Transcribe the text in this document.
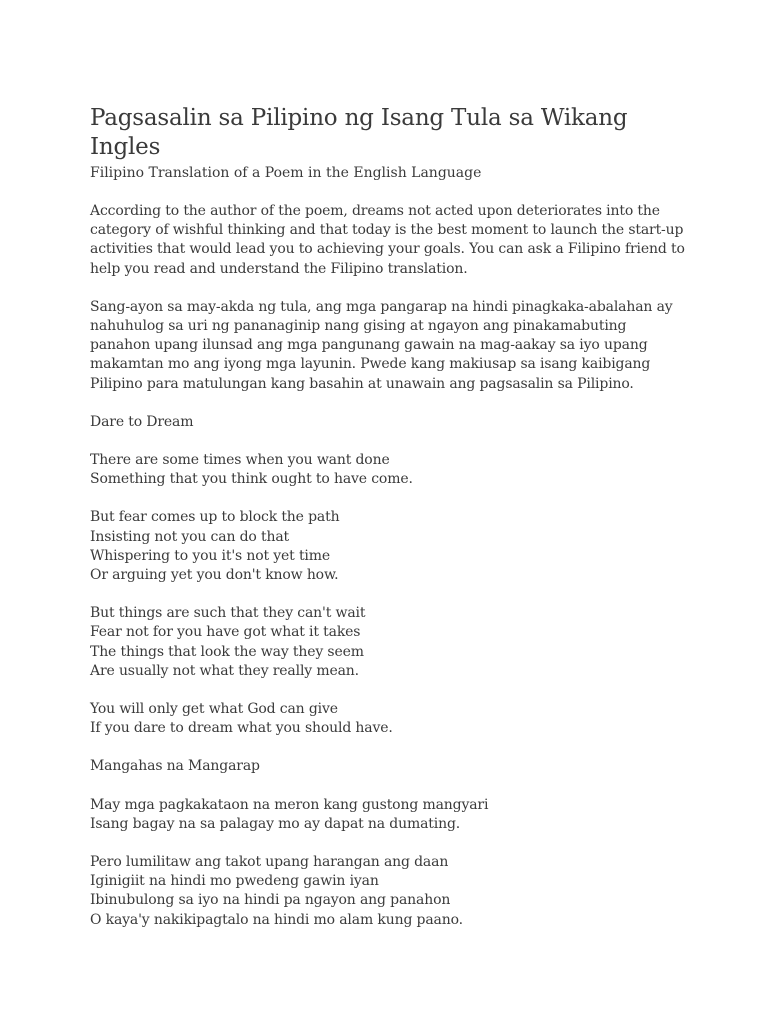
Pagsasalin sa Pilipino ng Isang Tula sa Wikang Ingles

Filipino Translation of a Poem in the English Language

According to the author of the poem, dreams not acted upon deteriorates into the category of wishful thinking and that today is the best moment to launch the start-up activities that would lead you to achieving your goals. You can ask a Filipino friend to help you read and understand the Filipino translation.

Sang-ayon sa may-akda ng tula, ang mga pangarap na hindi pinagkaka-abalahan ay nahuhulog sa uri ng pananaginip nang gising at ngayon ang pinakamabuting panahon upang ilunsad ang mga pangunang gawain na mag-aakay sa iyo upang makamtan mo ang iyong mga layunin. Pwede kang makiusap sa isang kaibigang Pilipino para matulungan kang basahin at unawain ang pagsasalin sa Pilipino.

Dare to Dream

There are some times when you want done
Something that you think ought to have come.

But fear comes up to block the path
Insisting not you can do that
Whispering to you it's not yet time
Or arguing yet you don't know how.

But things are such that they can't wait
Fear not for you have got what it takes
The things that look the way they seem
Are usually not what they really mean.

You will only get what God can give
If you dare to dream what you should have.

Mangahas na Mangarap

May mga pagkakataon na meron kang gustong mangyari
Isang bagay na sa palagay mo ay dapat na dumating.

Pero lumilitaw ang takot upang harangan ang daan
Iginigiit na hindi mo pwedeng gawin iyan
Ibinubulong sa iyo na hindi pa ngayon ang panahon
O kaya'y nakikipagtalo na hindi mo alam kung paano.
